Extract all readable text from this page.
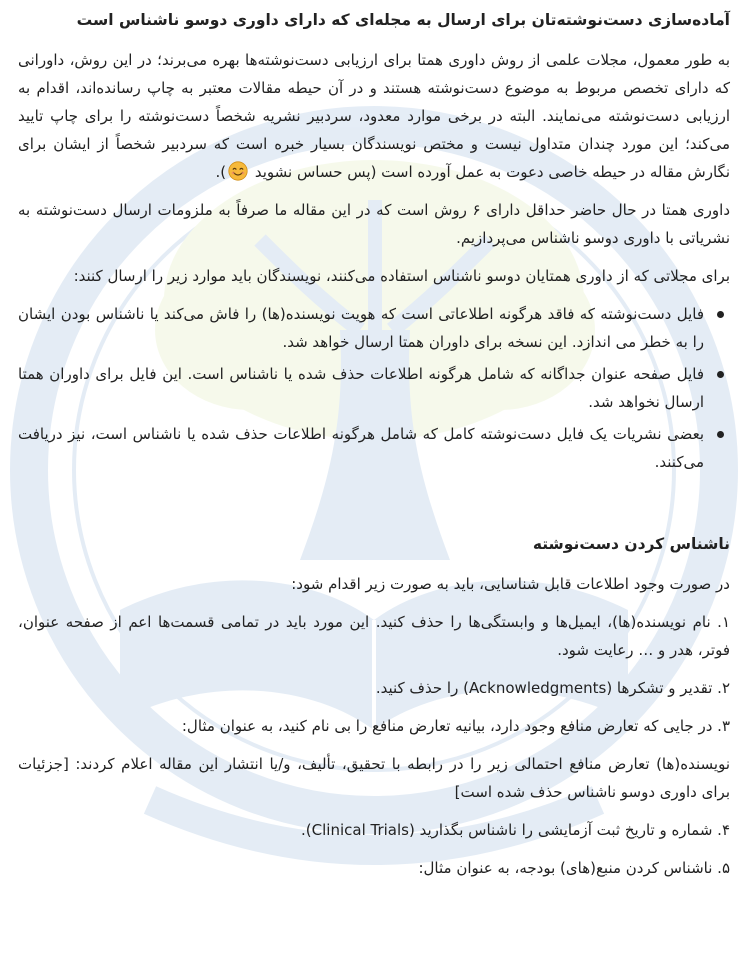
آماده‌سازی دست‌نوشته‌تان برای ارسال به مجله‌ای که دارای داوری دوسو ناشناس است

به طور معمول، مجلات علمی از روش داوری همتا برای ارزیابی دست‌نوشته‌ها بهره می‌برند؛ در این روش، داورانی که دارای تخصص مربوط به موضوع دست‌نوشته هستند و در آن حیطه مقالات معتبر به چاپ رسانده‌اند، اقدام به ارزیابی دست‌نوشته می‌نمایند. البته در برخی موارد معدود، سردبیر نشریه شخصاً دست‌نوشته را برای چاپ تایید می‌کند؛ این مورد چندان متداول نیست و مختص نویسندگان بسیار خبره است که سردبیر شخصاً از ایشان برای نگارش مقاله در حیطه خاصی دعوت به عمل آورده است (پس حساس نشوید ).

داوری همتا در حال حاضر حداقل دارای ۶ روش است که در این مقاله ما صرفاً به ملزومات ارسال دست‌نوشته به نشریاتی با داوری دوسو ناشناس می‌پردازیم.

برای مجلاتی که از داوری همتایان دوسو ناشناس استفاده می‌کنند، نویسندگان باید موارد زیر را ارسال کنند:

فایل دست‌نوشته که فاقد هرگونه اطلاعاتی است که هویت نویسنده(ها) را فاش می‌کند یا ناشناس بودن ایشان را به خطر می اندازد. این نسخه برای داوران همتا ارسال خواهد شد.
فایل صفحه عنوان جداگانه که شامل هرگونه اطلاعات حذف شده یا ناشناس است. این فایل برای داوران همتا ارسال نخواهد شد.
بعضی نشریات یک فایل دست‌نوشته کامل که شامل هرگونه اطلاعات حذف شده یا ناشناس است، نیز دریافت می‌کنند.
ناشناس کردن دست‌نوشته

در صورت وجود اطلاعات قابل شناسایی، باید به صورت زیر اقدام شود:

۱. نام نویسنده(ها)، ایمیل‌ها و وابستگی‌ها را حذف کنید. این مورد باید در تمامی قسمت‌ها اعم از صفحه عنوان، فوتر، هدر و … رعایت شود.

۲. تقدیر و تشکرها (Acknowledgments) را حذف کنید.

۳. در جایی که تعارض منافع وجود دارد، بیانیه تعارض منافع را بی نام کنید، به عنوان مثال:

نویسنده(ها) تعارض منافع احتمالی زیر را در رابطه با تحقیق، تألیف، و/یا انتشار این مقاله اعلام کردند: [جزئیات برای داوری دوسو ناشناس حذف شده است]

۴. شماره و تاریخ ثبت آزمایشی را ناشناس بگذارید (Clinical Trials).

۵. ناشناس کردن منبع(های) بودجه، به عنوان مثال:
